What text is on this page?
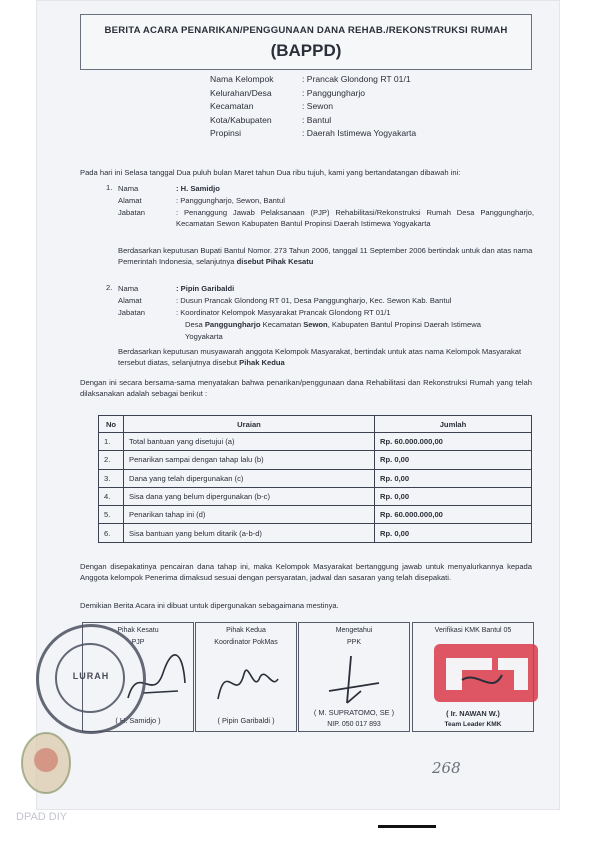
BERITA ACARA PENARIKAN/PENGGUNAAN DANA REHAB./REKONSTRUKSI RUMAH
(BAPPD)
Nama Kelompok	: Prancak Glondong RT 01/1
Kelurahan/Desa	: Panggungharjo
Kecamatan	: Sewon
Kota/Kabupaten	: Bantul
Propinsi	: Daerah Istimewa Yogyakarta
Pada hari ini Selasa tanggal Dua puluh bulan Maret tahun Dua ribu tujuh, kami yang bertandatangan dibawah ini:
1. Nama	: H. Samidjo
Alamat	: Panggungharjo, Sewon, Bantul
Jabatan	: Penanggung Jawab Pelaksanaan (PJP) Rehabilitasi/Rekonstruksi Rumah Desa Panggungharjo, Kecamatan Sewon Kabupaten Bantul Propinsi Daerah Istimewa Yogyakarta
Berdasarkan keputusan Bupati Bantul Nomor. 273 Tahun 2006, tanggal 11 September 2006 bertindak untuk dan atas nama Pemerintah Indonesia, selanjutnya disebut Pihak Kesatu
2. Nama	: Pipin Garibaldi
Alamat	: Dusun Prancak Glondong RT 01, Desa Panggungharjo, Kec. Sewon Kab. Bantul
Jabatan	: Koordinator Kelompok Masyarakat Prancak Glondong RT 01/1
Desa Panggungharjo Kecamatan Sewon, Kabupaten Bantul Propinsi Daerah Istimewa
Yogyakarta
Berdasarkan keputusan musyawarah anggota Kelompok Masyarakat, bertindak untuk atas nama Kelompok Masyarakat tersebut diatas, selanjutnya disebut Pihak Kedua
Dengan ini secara bersama-sama menyatakan bahwa penarikan/penggunaan dana Rehabilitasi dan Rekonstruksi Rumah yang telah dilaksanakan adalah sebagai berikut :
No	Uraian	Jumlah
1.	Total bantuan yang disetujui (a)	Rp. 60.000.000,00
2.	Penarikan sampai dengan tahap lalu (b)	Rp. 0,00
3.	Dana yang telah dipergunakan (c)	Rp. 0,00
4.	Sisa dana yang belum dipergunakan (b-c)	Rp. 0,00
5.	Penarikan tahap ini (d)	Rp. 60.000.000,00
6.	Sisa bantuan yang belum ditarik (a-b-d)	Rp. 0,00
Dengan disepakatinya pencairan dana tahap ini, maka Kelompok Masyarakat bertanggung jawab untuk menyalurkannya kepada Anggota kelompok Penerima dimaksud sesuai dengan persyaratan, jadwal dan sasaran yang telah disepakati.
Demikian Berita Acara ini dibuat untuk dipergunakan sebagaimana mestinya.
Pihak Kesatu
PJP
( H. Samidjo )
LURAH
Pihak Kedua
Koordinator PokMas
( Pipin Garibaldi )
Mengetahui
PPK
( M. SUPRATOMO, SE )
NIP. 050 017 893
Verifikasi KMK Bantul 05
( Ir. NAWAN W.)
Team Leader KMK
268
DPAD DIY
